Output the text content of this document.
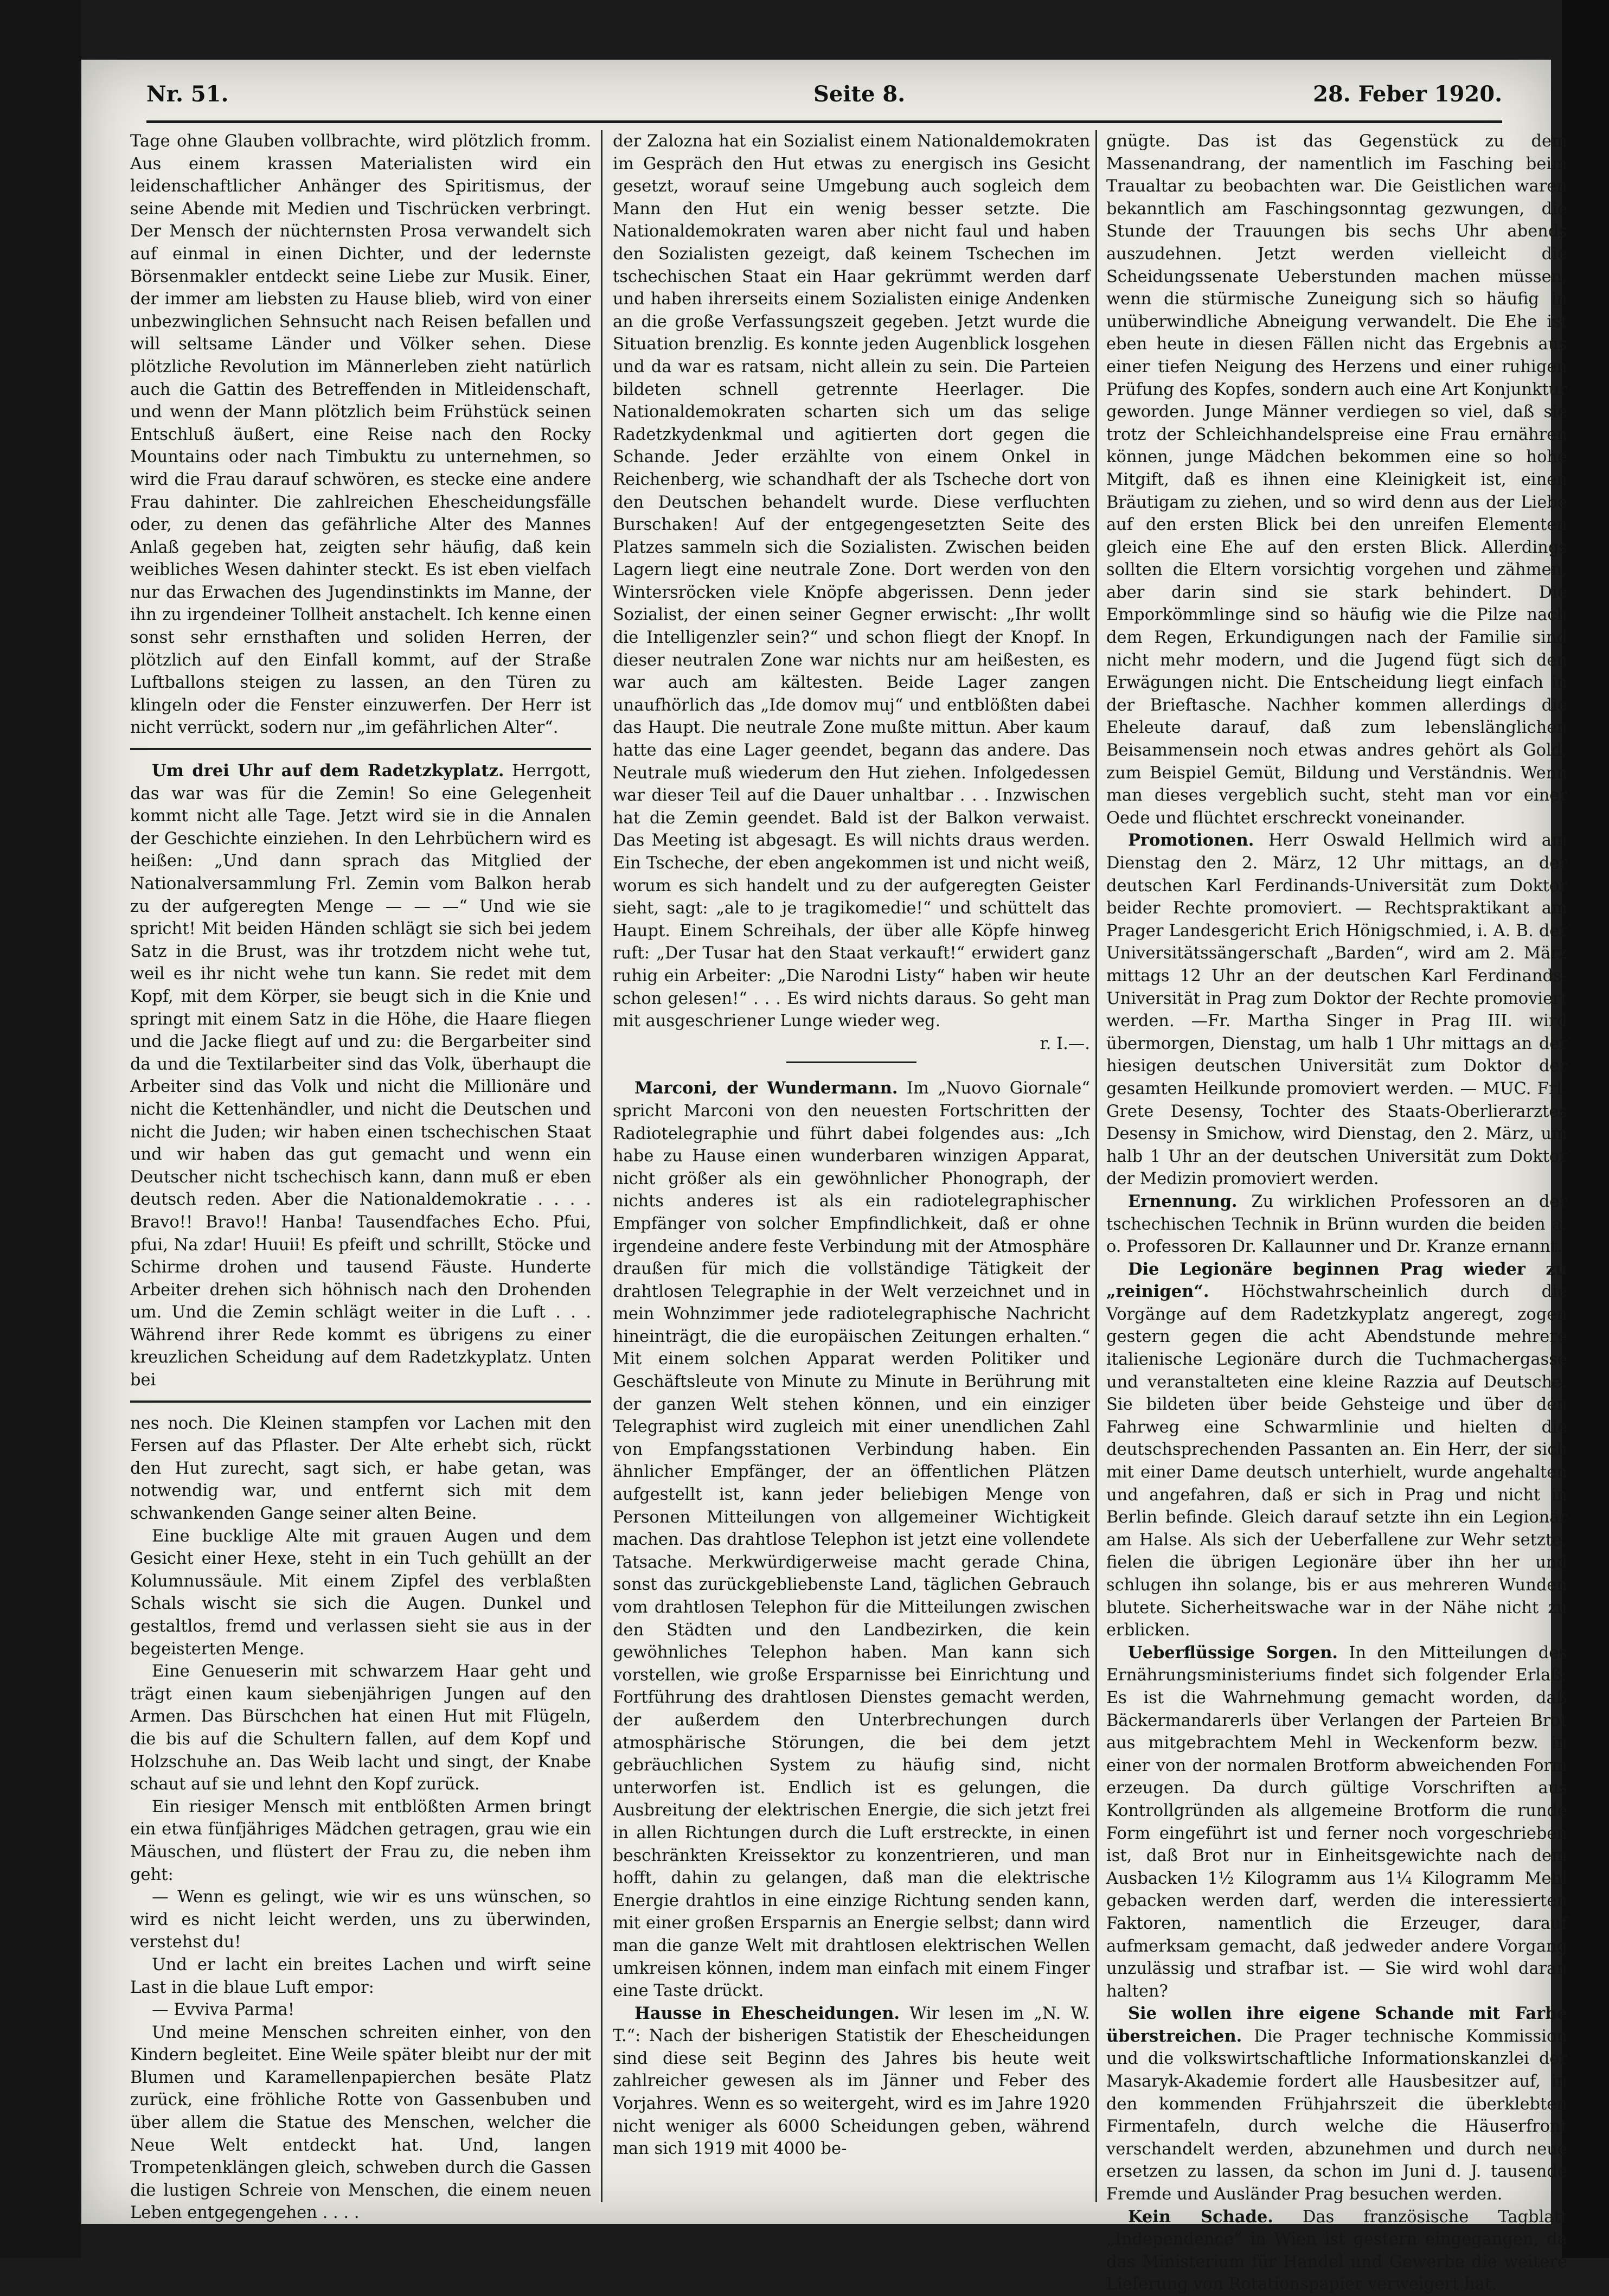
Nr. 51.	Seite 8.	28. Feber 1920.

Tage ohne Glauben vollbrachte, wird plötzlich fromm. Aus einem krassen Materialisten wird ein leidenschaftlicher Anhänger des Spiritismus, der seine Abende mit Medien und Tischrücken verbringt. Der Mensch der nüchternsten Prosa verwandelt sich auf einmal in einen Dichter, und der ledernste Börsenmakler entdeckt seine Liebe zur Musik. Einer, der immer am liebsten zu Hause blieb, wird von einer unbezwinglichen Sehnsucht nach Reisen befallen und will seltsame Länder und Völker sehen. Diese plötzliche Revolution im Männerleben zieht natürlich auch die Gattin des Betreffenden in Mitleidenschaft, und wenn der Mann plötzlich beim Frühstück seinen Entschluß äußert, eine Reise nach den Rocky Mountains oder nach Timbuktu zu unternehmen, so wird die Frau darauf schwören, es stecke eine andere Frau dahinter. Die zahlreichen Ehescheidungsfälle oder, zu denen das gefährliche Alter des Mannes Anlaß gegeben hat, zeigten sehr häufig, daß kein weibliches Wesen dahinter steckt. Es ist eben vielfach nur das Erwachen des Jugendinstinkts im Manne, der ihn zu irgendeiner Tollheit anstachelt. Ich kenne einen sonst sehr ernsthaften und soliden Herren, der plötzlich auf den Einfall kommt, auf der Straße Luftballons steigen zu lassen, an den Türen zu klingeln oder die Fenster einzuwerfen. Der Herr ist nicht verrückt, sodern nur „im gefährlichen Alter“.

Um drei Uhr auf dem Radetzkyplatz. Herrgott, das war was für die Zemin! So eine Gelegenheit kommt nicht alle Tage. Jetzt wird sie in die Annalen der Geschichte einziehen. In den Lehrbüchern wird es heißen: „Und dann sprach das Mitglied der Nationalversammlung Frl. Zemin vom Balkon herab zu der aufgeregten Menge — — —“ Und wie sie spricht! Mit beiden Händen schlägt sie sich bei jedem Satz in die Brust, was ihr trotzdem nicht wehe tut, weil es ihr nicht wehe tun kann. Sie redet mit dem Kopf, mit dem Körper, sie beugt sich in die Knie und springt mit einem Satz in die Höhe, die Haare fliegen und die Jacke fliegt auf und zu: die Bergarbeiter sind da und die Textilarbeiter sind das Volk, überhaupt die Arbeiter sind das Volk und nicht die Millionäre und nicht die Kettenhändler, und nicht die Deutschen und nicht die Juden; wir haben einen tschechischen Staat und wir haben das gut gemacht und wenn ein Deutscher nicht tschechisch kann, dann muß er eben deutsch reden. Aber die Nationaldemokratie . . . . Bravo!! Bravo!! Hanba! Tausendfaches Echo. Pfui, pfui, Na zdar! Huuii! Es pfeift und schrillt, Stöcke und Schirme drohen und tausend Fäuste. Hunderte Arbeiter drehen sich höhnisch nach den Drohenden um. Und die Zemin schlägt weiter in die Luft . . . Während ihrer Rede kommt es übrigens zu einer kreuzlichen Scheidung auf dem Radetzkyplatz. Unten bei

nes noch. Die Kleinen stampfen vor Lachen mit den Fersen auf das Pflaster. Der Alte erhebt sich, rückt den Hut zurecht, sagt sich, er habe getan, was notwendig war, und entfernt sich mit dem schwankenden Gange seiner alten Beine.

Eine bucklige Alte mit grauen Augen und dem Gesicht einer Hexe, steht in ein Tuch gehüllt an der Kolumnussäule. Mit einem Zipfel des verblaßten Schals wischt sie sich die Augen. Dunkel und gestaltlos, fremd und verlassen sieht sie aus in der begeisterten Menge.

Eine Genueserin mit schwarzem Haar geht und trägt einen kaum siebenjährigen Jungen auf den Armen. Das Bürschchen hat einen Hut mit Flügeln, die bis auf die Schultern fallen, auf dem Kopf und Holzschuhe an. Das Weib lacht und singt, der Knabe schaut auf sie und lehnt den Kopf zurück.

Ein riesiger Mensch mit entblößten Armen bringt ein etwa fünfjähriges Mädchen getragen, grau wie ein Mäuschen, und flüstert der Frau zu, die neben ihm geht:

— Wenn es gelingt, wie wir es uns wünschen, so wird es nicht leicht werden, uns zu überwinden, verstehst du!

Und er lacht ein breites Lachen und wirft seine Last in die blaue Luft empor:

— Evviva Parma!

Und meine Menschen schreiten einher, von den Kindern begleitet. Eine Weile später bleibt nur der mit Blumen und Karamellenpapierchen besäte Platz zurück, eine fröhliche Rotte von Gassenbuben und über allem die Statue des Menschen, welcher die Neue Welt entdeckt hat. Und, langen Trompetenklängen gleich, schweben durch die Gassen die lustigen Schreie von Menschen, die einem neuen Leben entgegengehen . . . .

der Zalozna hat ein Sozialist einem Nationaldemokraten im Gespräch den Hut etwas zu energisch ins Gesicht gesetzt, worauf seine Umgebung auch sogleich dem Mann den Hut ein wenig besser setzte. Die Nationaldemokraten waren aber nicht faul und haben den Sozialisten gezeigt, daß keinem Tschechen im tschechischen Staat ein Haar gekrümmt werden darf und haben ihrerseits einem Sozialisten einige Andenken an die große Verfassungszeit gegeben. Jetzt wurde die Situation brenzlig. Es konnte jeden Augenblick losgehen und da war es ratsam, nicht allein zu sein. Die Parteien bildeten schnell getrennte Heerlager. Die Nationaldemokraten scharten sich um das selige Radetzkydenkmal und agitierten dort gegen die Schande. Jeder erzählte von einem Onkel in Reichenberg, wie schandhaft der als Tscheche dort von den Deutschen behandelt wurde. Diese verfluchten Burschaken! Auf der entgegengesetzten Seite des Platzes sammeln sich die Sozialisten. Zwischen beiden Lagern liegt eine neutrale Zone. Dort werden von den Wintersröcken viele Knöpfe abgerissen. Denn jeder Sozialist, der einen seiner Gegner erwischt: „Ihr wollt die Intelligenzler sein?“ und schon fliegt der Knopf. In dieser neutralen Zone war nichts nur am heißesten, es war auch am kältesten. Beide Lager zangen unaufhörlich das „Ide domov muj“ und entblößten dabei das Haupt. Die neutrale Zone mußte mittun. Aber kaum hatte das eine Lager geendet, begann das andere. Das Neutrale muß wiederum den Hut ziehen. Infolgedessen war dieser Teil auf die Dauer unhaltbar . . . Inzwischen hat die Zemin geendet. Bald ist der Balkon verwaist. Das Meeting ist abgesagt. Es will nichts draus werden. Ein Tscheche, der eben angekommen ist und nicht weiß, worum es sich handelt und zu der aufgeregten Geister sieht, sagt: „ale to je tragikomedie!“ und schüttelt das Haupt. Einem Schreihals, der über alle Köpfe hinweg ruft: „Der Tusar hat den Staat verkauft!“ erwidert ganz ruhig ein Arbeiter: „Die Narodni Listy“ haben wir heute schon gelesen!“ . . . Es wird nichts daraus. So geht man mit ausgeschriener Lunge wieder weg.

r. I.—.

Marconi, der Wundermann. Im „Nuovo Giornale“ spricht Marconi von den neuesten Fortschritten der Radiotelegraphie und führt dabei folgendes aus: „Ich habe zu Hause einen wunderbaren winzigen Apparat, nicht größer als ein gewöhnlicher Phonograph, der nichts anderes ist als ein radiotelegraphischer Empfänger von solcher Empfindlichkeit, daß er ohne irgendeine andere feste Verbindung mit der Atmosphäre draußen für mich die vollständige Tätigkeit der drahtlosen Telegraphie in der Welt verzeichnet und in mein Wohnzimmer jede radiotelegraphische Nachricht hineinträgt, die die europäischen Zeitungen erhalten.“ Mit einem solchen Apparat werden Politiker und Geschäftsleute von Minute zu Minute in Berührung mit der ganzen Welt stehen können, und ein einziger Telegraphist wird zugleich mit einer unendlichen Zahl von Empfangsstationen Verbindung haben. Ein ähnlicher Empfänger, der an öffentlichen Plätzen aufgestellt ist, kann jeder beliebigen Menge von Personen Mitteilungen von allgemeiner Wichtigkeit machen. Das drahtlose Telephon ist jetzt eine vollendete Tatsache. Merkwürdigerweise macht gerade China, sonst das zurückgebliebenste Land, täglichen Gebrauch vom drahtlosen Telephon für die Mitteilungen zwischen den Städten und den Landbezirken, die kein gewöhnliches Telephon haben. Man kann sich vorstellen, wie große Ersparnisse bei Einrichtung und Fortführung des drahtlosen Dienstes gemacht werden, der außerdem den Unterbrechungen durch atmosphärische Störungen, die bei dem jetzt gebräuchlichen System zu häufig sind, nicht unterworfen ist. Endlich ist es gelungen, die Ausbreitung der elektrischen Energie, die sich jetzt frei in allen Richtungen durch die Luft erstreckte, in einen beschränkten Kreissektor zu konzentrieren, und man hofft, dahin zu gelangen, daß man die elektrische Energie drahtlos in eine einzige Richtung senden kann, mit einer großen Ersparnis an Energie selbst; dann wird man die ganze Welt mit drahtlosen elektrischen Wellen umkreisen können, indem man einfach mit einem Finger eine Taste drückt.

Hausse in Ehescheidungen. Wir lesen im „N. W. T.“: Nach der bisherigen Statistik der Ehescheidungen sind diese seit Beginn des Jahres bis heute weit zahlreicher gewesen als im Jänner und Feber des Vorjahres. Wenn es so weitergeht, wird es im Jahre 1920 nicht weniger als 6000 Scheidungen geben, während man sich 1919 mit 4000 be-

gnügte. Das ist das Gegenstück zu dem Massenandrang, der namentlich im Fasching beim Traualtar zu beobachten war. Die Geistlichen waren bekanntlich am Faschingsonntag gezwungen, die Stunde der Trauungen bis sechs Uhr abends auszudehnen. Jetzt werden vielleicht die Scheidungssenate Ueberstunden machen müssen, wenn die stürmische Zuneigung sich so häufig in unüberwindliche Abneigung verwandelt. Die Ehe ist eben heute in diesen Fällen nicht das Ergebnis aus einer tiefen Neigung des Herzens und einer ruhigen Prüfung des Kopfes, sondern auch eine Art Konjunktur geworden. Junge Männer verdiegen so viel, daß sie trotz der Schleichhandelspreise eine Frau ernähren können, junge Mädchen bekommen eine so hohe Mitgift, daß es ihnen eine Kleinigkeit ist, einen Bräutigam zu ziehen, und so wird denn aus der Liebe auf den ersten Blick bei den unreifen Elementen gleich eine Ehe auf den ersten Blick. Allerdings sollten die Eltern vorsichtig vorgehen und zähmen, aber darin sind sie stark behindert. Die Emporkömmlinge sind so häufig wie die Pilze nach dem Regen, Erkundigungen nach der Familie sind nicht mehr modern, und die Jugend fügt sich den Erwägungen nicht. Die Entscheidung liegt einfach in der Brieftasche. Nachher kommen allerdings die Eheleute darauf, daß zum lebenslänglichen Beisammensein noch etwas andres gehört als Gold, zum Beispiel Gemüt, Bildung und Verständnis. Wenn man dieses vergeblich sucht, steht man vor einer Oede und flüchtet erschreckt voneinander.

Promotionen. Herr Oswald Hellmich wird am Dienstag den 2. März, 12 Uhr mittags, an der deutschen Karl Ferdinands-Universität zum Doktor beider Rechte promoviert. — Rechtspraktikant am Prager Landesgericht Erich Hönigschmied, i. A. B. der Universitätssängerschaft „Barden“, wird am 2. März mittags 12 Uhr an der deutschen Karl Ferdinands-Universität in Prag zum Doktor der Rechte promoviert werden. —Fr. Martha Singer in Prag III. wird übermorgen, Dienstag, um halb 1 Uhr mittags an der hiesigen deutschen Universität zum Doktor der gesamten Heilkunde promoviert werden. — MUC. Frl. Grete Desensy, Tochter des Staats-Oberlierarztes Desensy in Smichow, wird Dienstag, den 2. März, um halb 1 Uhr an der deutschen Universität zum Doktor der Medizin promoviert werden.

Ernennung. Zu wirklichen Professoren an der tschechischen Technik in Brünn wurden die beiden a. o. Professoren Dr. Kallaunner und Dr. Kranze ernannt.

Die Legionäre beginnen Prag wieder zu „reinigen“. Höchstwahrscheinlich durch die Vorgänge auf dem Radetzkyplatz angeregt, zogen gestern gegen die acht Abendstunde mehrere italienische Legionäre durch die Tuchmachergasse und veranstalteten eine kleine Razzia auf Deutsche. Sie bildeten über beide Gehsteige und über den Fahrweg eine Schwarmlinie und hielten die deutschsprechenden Passanten an. Ein Herr, der sich mit einer Dame deutsch unterhielt, wurde angehalten und angefahren, daß er sich in Prag und nicht in Berlin befinde. Gleich darauf setzte ihn ein Legionär am Halse. Als sich der Ueberfallene zur Wehr setzte, fielen die übrigen Legionäre über ihn her und schlugen ihn solange, bis er aus mehreren Wunden blutete. Sicherheitswache war in der Nähe nicht zu erblicken.

Ueberflüssige Sorgen. In den Mitteilungen des Ernährungsministeriums findet sich folgender Erlaß: Es ist die Wahrnehmung gemacht worden, daß Bäckermandarerls über Verlangen der Parteien Brot aus mitgebrachtem Mehl in Weckenform bezw. in einer von der normalen Brotform abweichenden Form erzeugen. Da durch gültige Vorschriften aus Kontrollgründen als allgemeine Brotform die runde Form eingeführt ist und ferner noch vorgeschrieben ist, daß Brot nur in Einheitsgewichte nach dem Ausbacken 1½ Kilogramm aus 1¼ Kilogramm Mehl gebacken werden darf, werden die interessierten Faktoren, namentlich die Erzeuger, darauf aufmerksam gemacht, daß jedweder andere Vorgang unzulässig und strafbar ist. — Sie wird wohl daran halten?

Sie wollen ihre eigene Schande mit Farbe überstreichen. Die Prager technische Kommission und die volkswirtschaftliche Informationskanzlei der Masaryk-Akademie fordert alle Hausbesitzer auf, in den kommenden Frühjahrszeit die überklebten Firmentafeln, durch welche die Häuserfront verschandelt werden, abzunehmen und durch neue ersetzen zu lassen, da schon im Juni d. J. tausende Fremde und Ausländer Prag besuchen werden.

Kein Schade. Das französische Tagblatt „Independence“ in Wien ist gestern eingegangen, da das Ministerium für Handel und Gewerbe die weitere Lieferung von Rotationspapier verweigert hat.
